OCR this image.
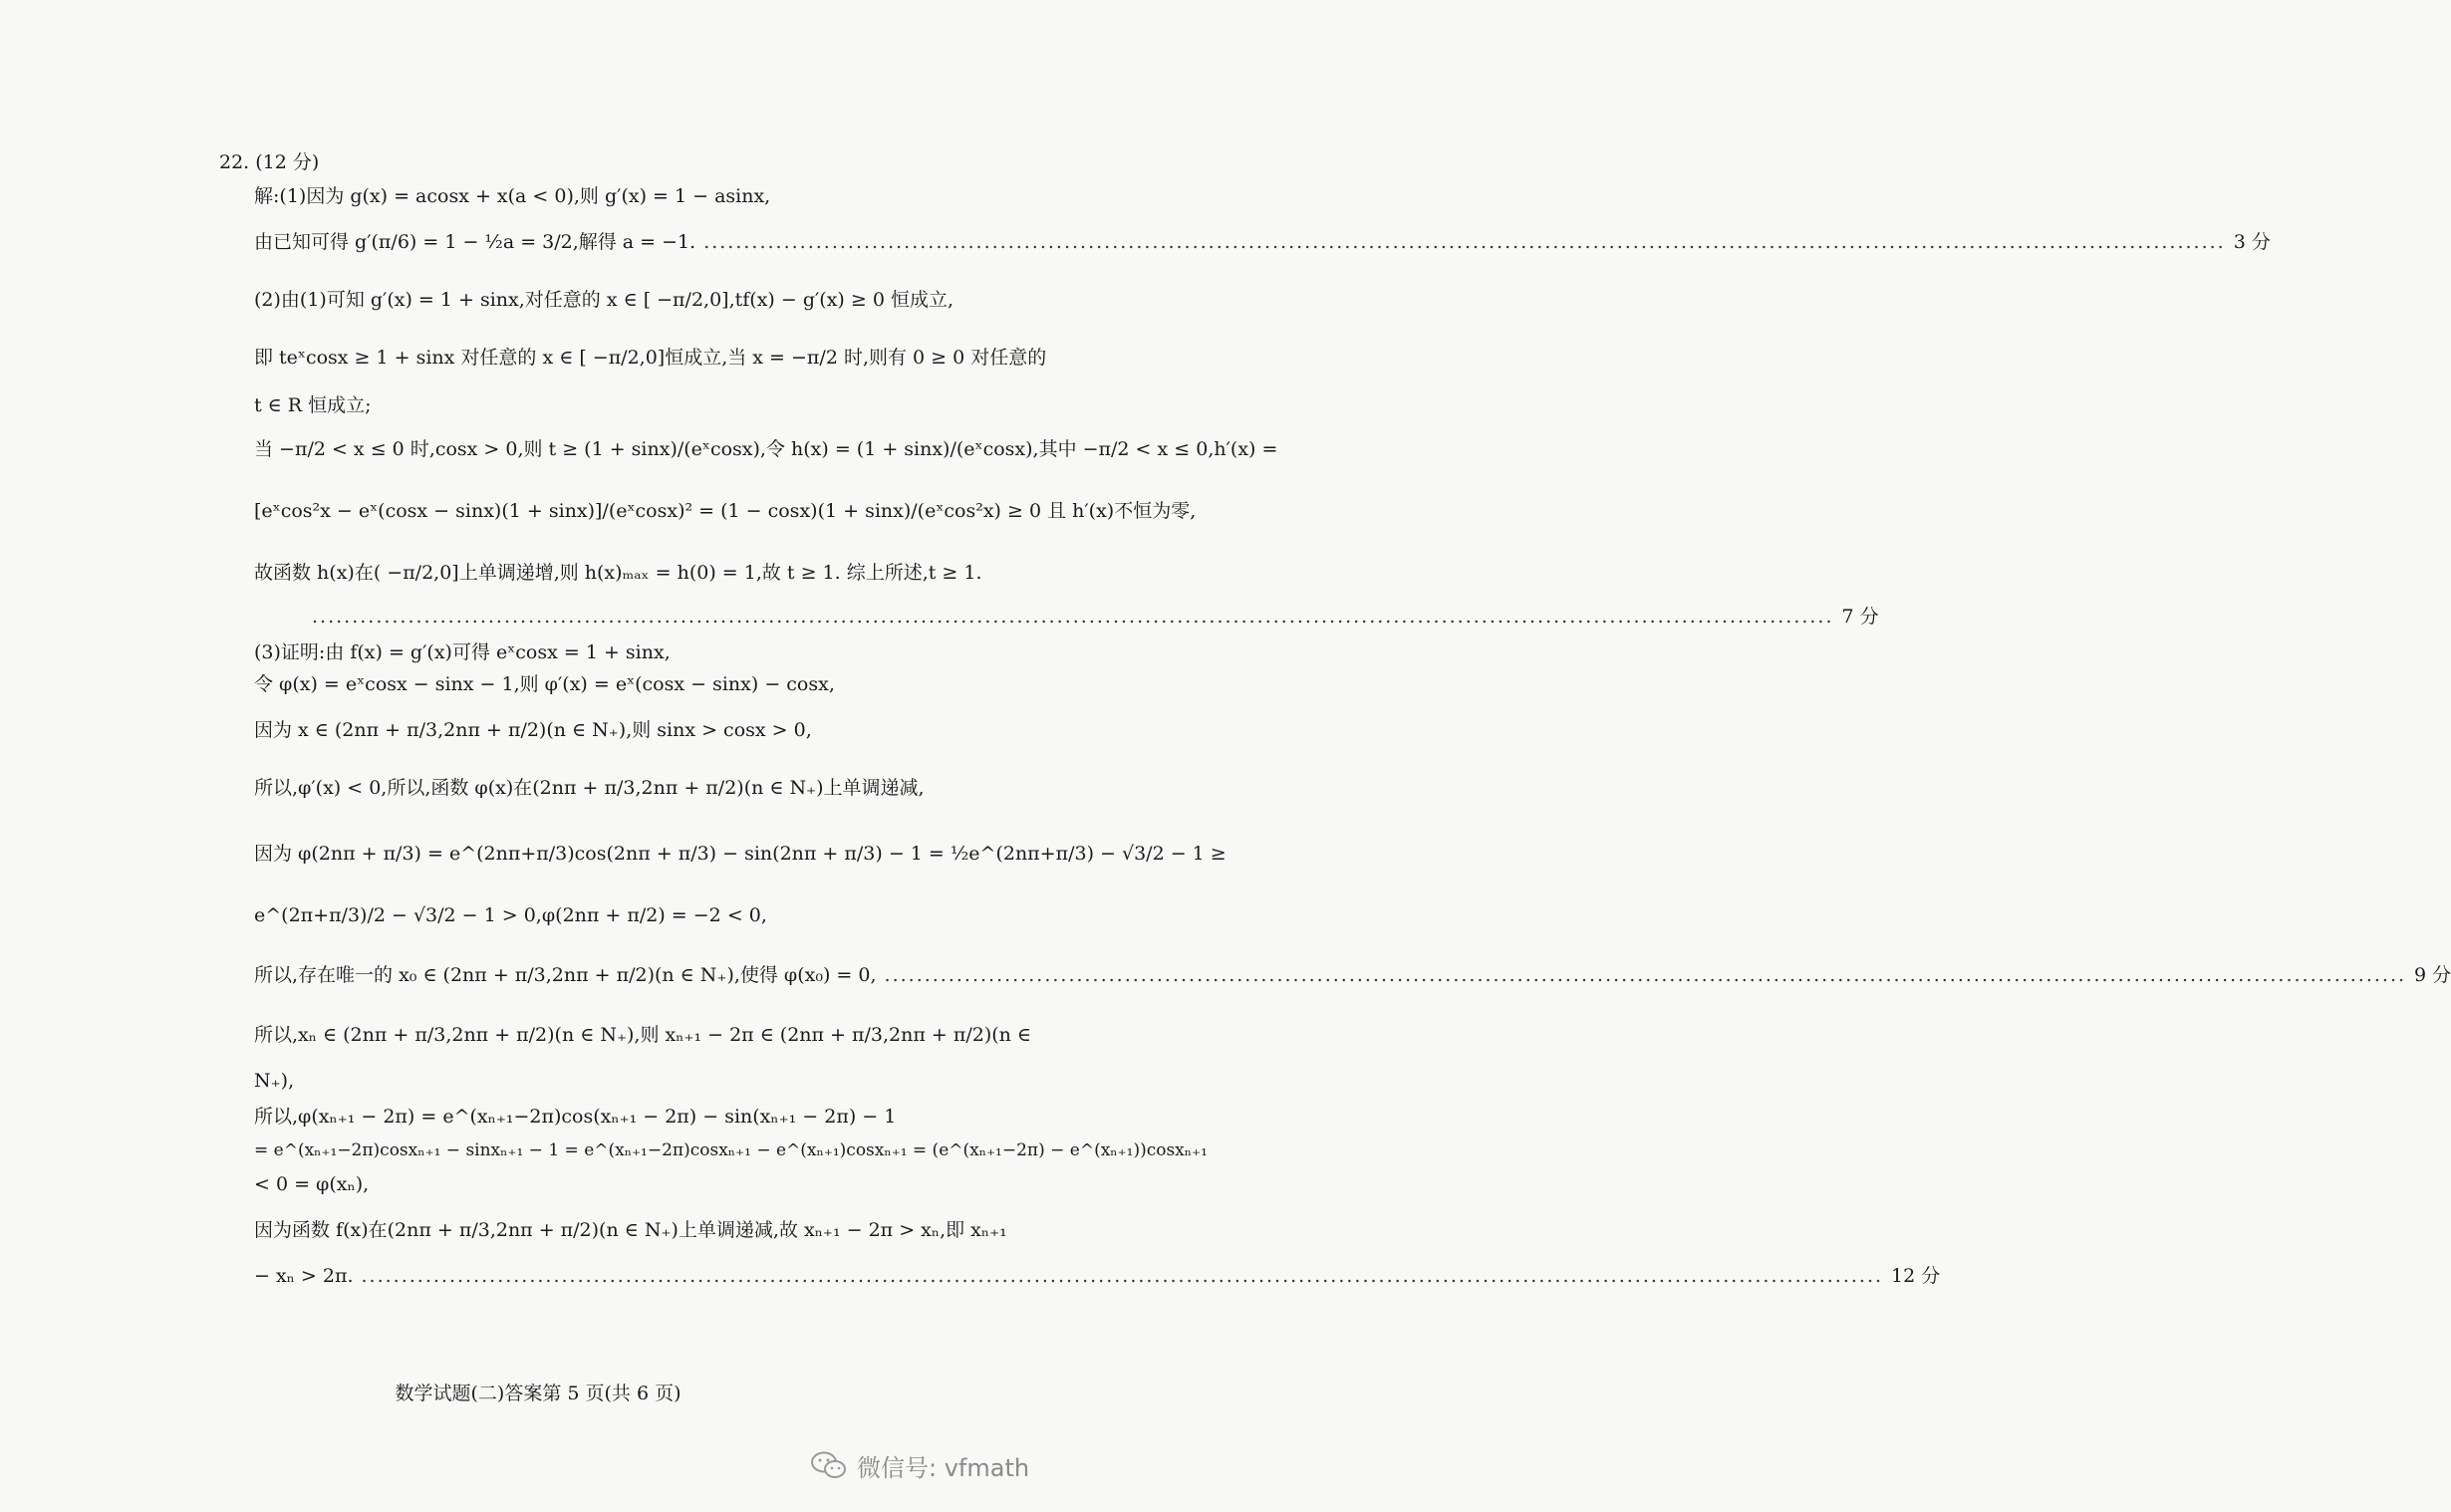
22. (12 分)
解:(1)因为 g(x) = acosx + x(a < 0),则 g′(x) = 1 − asinx,
由已知可得 g′(π/6) = 1 − ½a = 3/2,解得 a = −1. .....	3 分
(2)由(1)可知 g′(x) = 1 + sinx,对任意的 x ∈ [ −π/2,0],tf(x) − g′(x) ≥ 0 恒成立,
即 teˣcosx ≥ 1 + sinx 对任意的 x ∈ [ −π/2,0]恒成立,当 x = −π/2 时,则有 0 ≥ 0 对任意的
t ∈ R 恒成立;
当 −π/2 < x ≤ 0 时,cosx > 0,则 t ≥ (1 + sinx)/(eˣcosx),令 h(x) = (1 + sinx)/(eˣcosx),其中 −π/2 < x ≤ 0,h′(x) =
[eˣcos²x − eˣ(cosx − sinx)(1 + sinx)]/(eˣcosx)² = (1 − cosx)(1 + sinx)/(eˣcos²x) ≥ 0 且 h′(x)不恒为零,
故函数 h(x)在( −π/2,0]上单调递增,则 h(x)ₘₐₓ = h(0) = 1,故 t ≥ 1. 综上所述,t ≥ 1.
.....
7 分
(3)证明:由 f(x) = g′(x)可得 eˣcosx = 1 + sinx,
令 φ(x) = eˣcosx − sinx − 1,则 φ′(x) = eˣ(cosx − sinx) − cosx,
因为 x ∈ (2nπ + π/3,2nπ + π/2)(n ∈ N₊),则 sinx > cosx > 0,
所以,φ′(x) < 0,所以,函数 φ(x)在(2nπ + π/3,2nπ + π/2)(n ∈ N₊)上单调递减,
因为 φ(2nπ + π/3) = e^(2nπ+π/3)cos(2nπ + π/3) − sin(2nπ + π/3) − 1 = ½e^(2nπ+π/3) − √3/2 − 1 ≥
e^(2π+π/3)/2 − √3/2 − 1 > 0,φ(2nπ + π/2) = −2 < 0,
所以,存在唯一的 x₀ ∈ (2nπ + π/3,2nπ + π/2)(n ∈ N₊),使得 φ(x₀) = 0, .....	9 分
所以,xₙ ∈ (2nπ + π/3,2nπ + π/2)(n ∈ N₊),则 xₙ₊₁ − 2π ∈ (2nπ + π/3,2nπ + π/2)(n ∈
N₊),
所以,φ(xₙ₊₁ − 2π) = e^(xₙ₊₁−2π)cos(xₙ₊₁ − 2π) − sin(xₙ₊₁ − 2π) − 1
= e^(xₙ₊₁−2π)cosxₙ₊₁ − sinxₙ₊₁ − 1 = e^(xₙ₊₁−2π)cosxₙ₊₁ − e^(xₙ₊₁)cosxₙ₊₁ = (e^(xₙ₊₁−2π) − e^(xₙ₊₁))cosxₙ₊₁
< 0 = φ(xₙ),
因为函数 f(x)在(2nπ + π/3,2nπ + π/2)(n ∈ N₊)上单调递减,故 xₙ₊₁ − 2π > xₙ,即 xₙ₊₁
− xₙ > 2π. .....	12 分
数学试题(二)答案第 5 页(共 6 页)
微信号: vfmath
